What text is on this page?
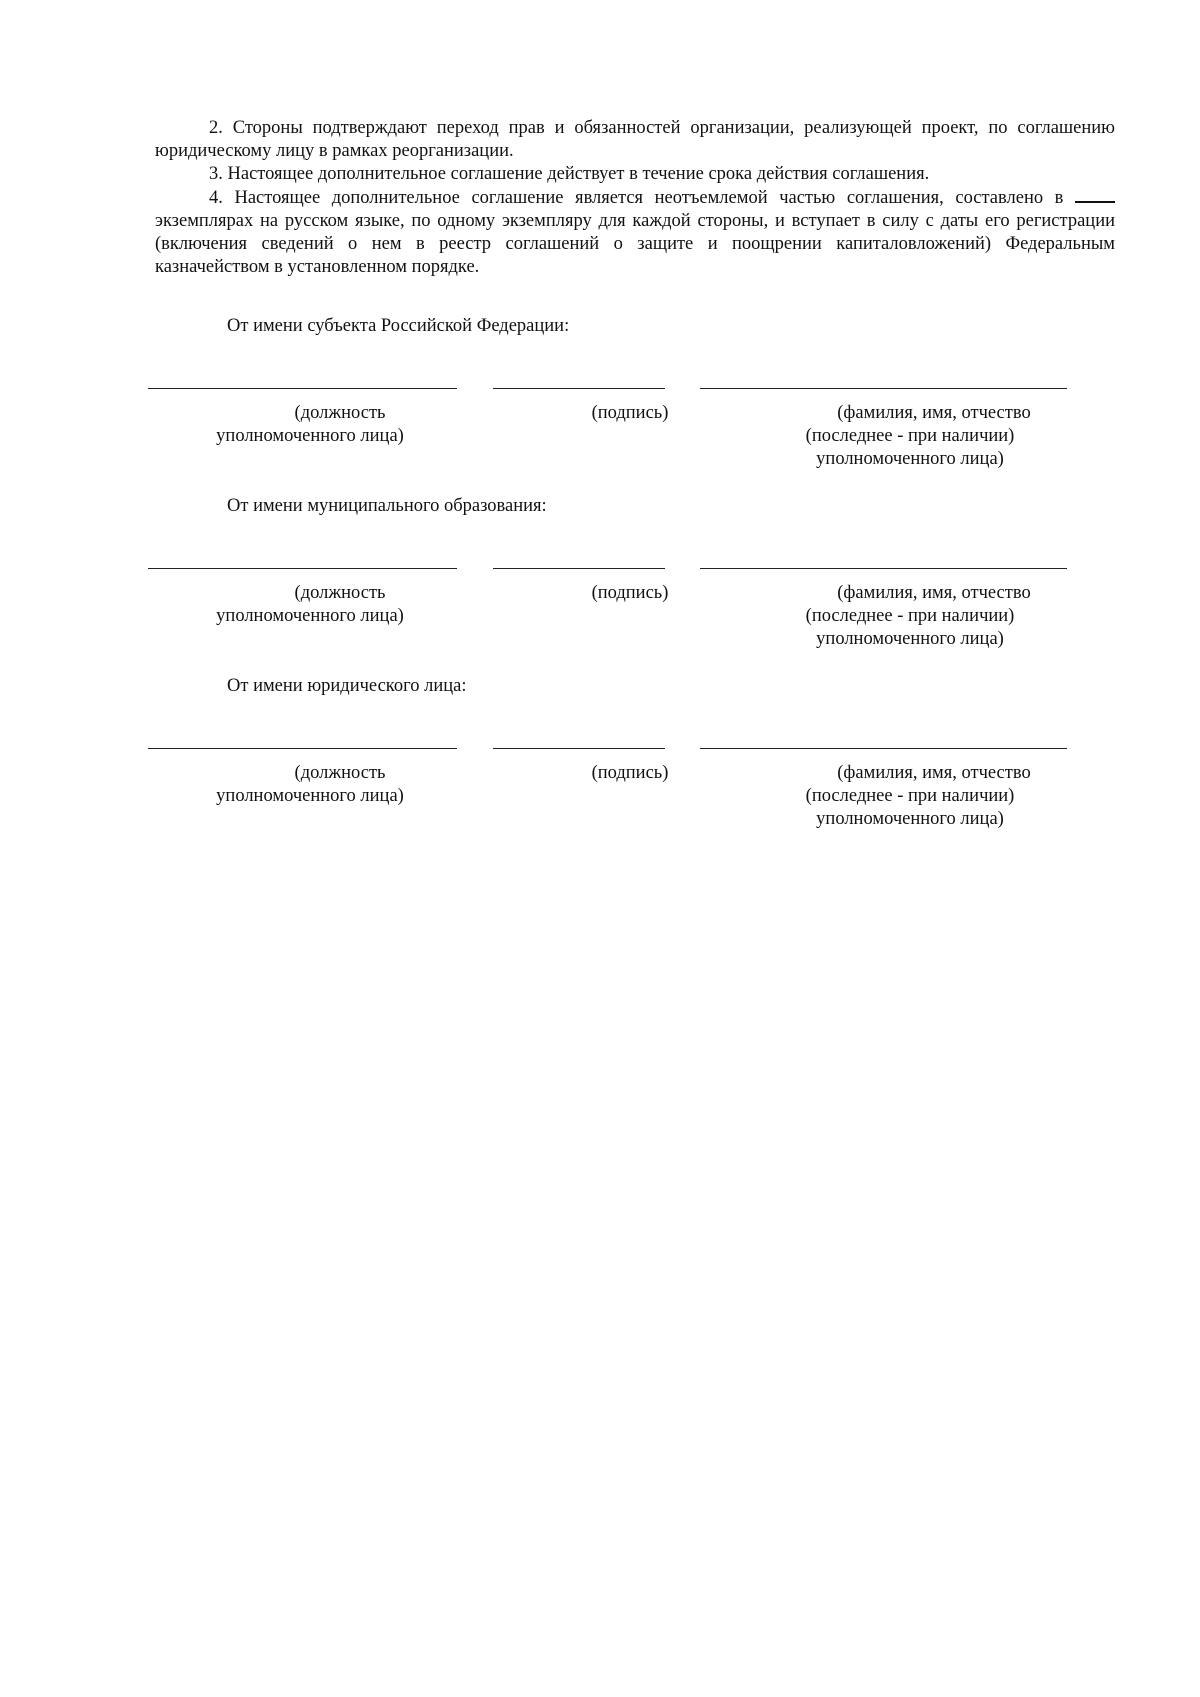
2. Стороны подтверждают переход прав и обязанностей организации, реализующей проект, по соглашению юридическому лицу в рамках реорганизации.

3. Настоящее дополнительное соглашение действует в течение срока действия соглашения.

4. Настоящее дополнительное соглашение является неотъемлемой частью соглашения, составлено в  экземплярах на русском языке, по одному экземпляру для каждой стороны, и вступает в силу с даты его регистрации (включения сведений о нем в реестр соглашений о защите и поощрении капиталовложений) Федеральным казначейством в установленном порядке.

От имени субъекта Российской Федерации:

(должность
уполномоченного лица)

(подпись)	(фамилия, имя, отчество
(последнее - при наличии)
уполномоченного лица)

От имени муниципального образования:

(должность
уполномоченного лица)

(подпись)	(фамилия, имя, отчество
(последнее - при наличии)
уполномоченного лица)

От имени юридического лица:

(должность
уполномоченного лица)

(подпись)	(фамилия, имя, отчество
(последнее - при наличии)
уполномоченного лица)
